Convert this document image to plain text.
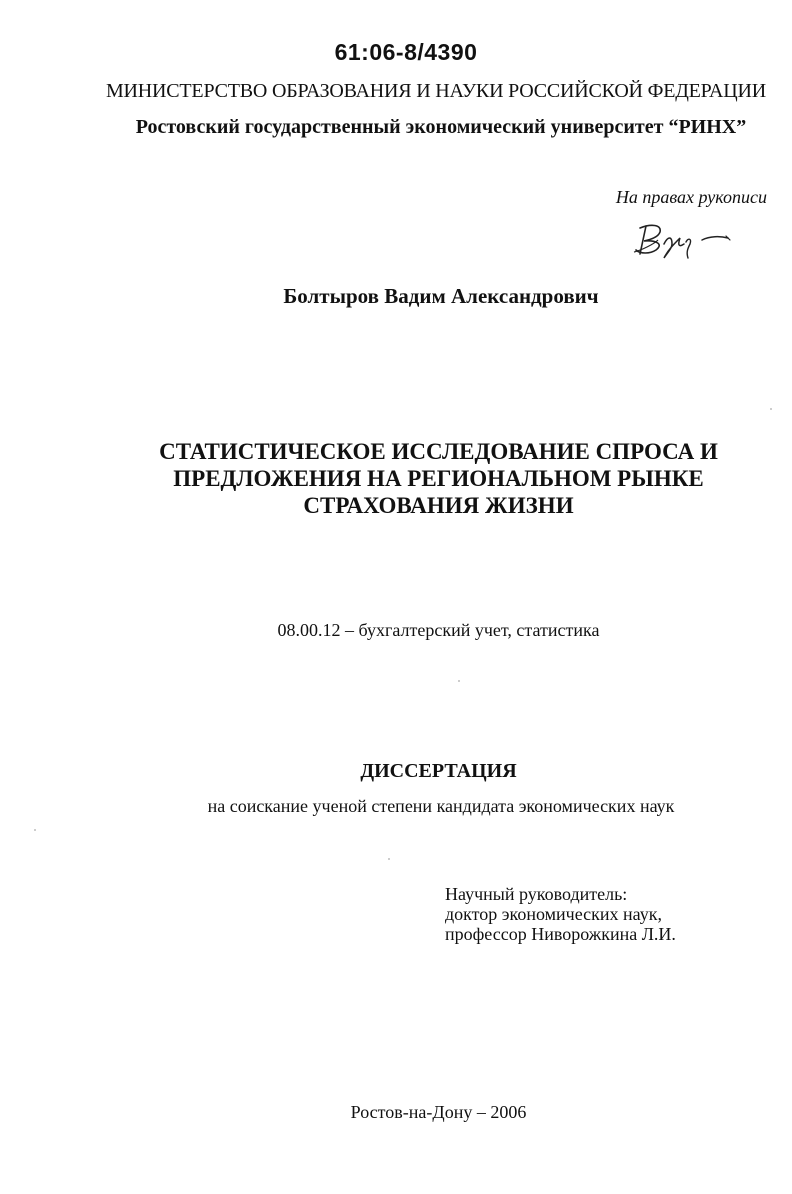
61:06-8/4390
МИНИСТЕРСТВО ОБРАЗОВАНИЯ И НАУКИ РОССИЙСКОЙ ФЕДЕРАЦИИ
Ростовский государственный экономический университет “РИНХ”
На правах рукописи
Болтыров Вадим Александрович
СТАТИСТИЧЕСКОЕ ИССЛЕДОВАНИЕ СПРОСА И
ПРЕДЛОЖЕНИЯ НА РЕГИОНАЛЬНОМ РЫНКЕ
СТРАХОВАНИЯ ЖИЗНИ
08.00.12 – бухгалтерский учет, статистика
ДИССЕРТАЦИЯ
на соискание ученой степени кандидата экономических наук
Научный руководитель:
доктор экономических наук,
профессор Ниворожкина Л.И.
Ростов-на-Дону – 2006
